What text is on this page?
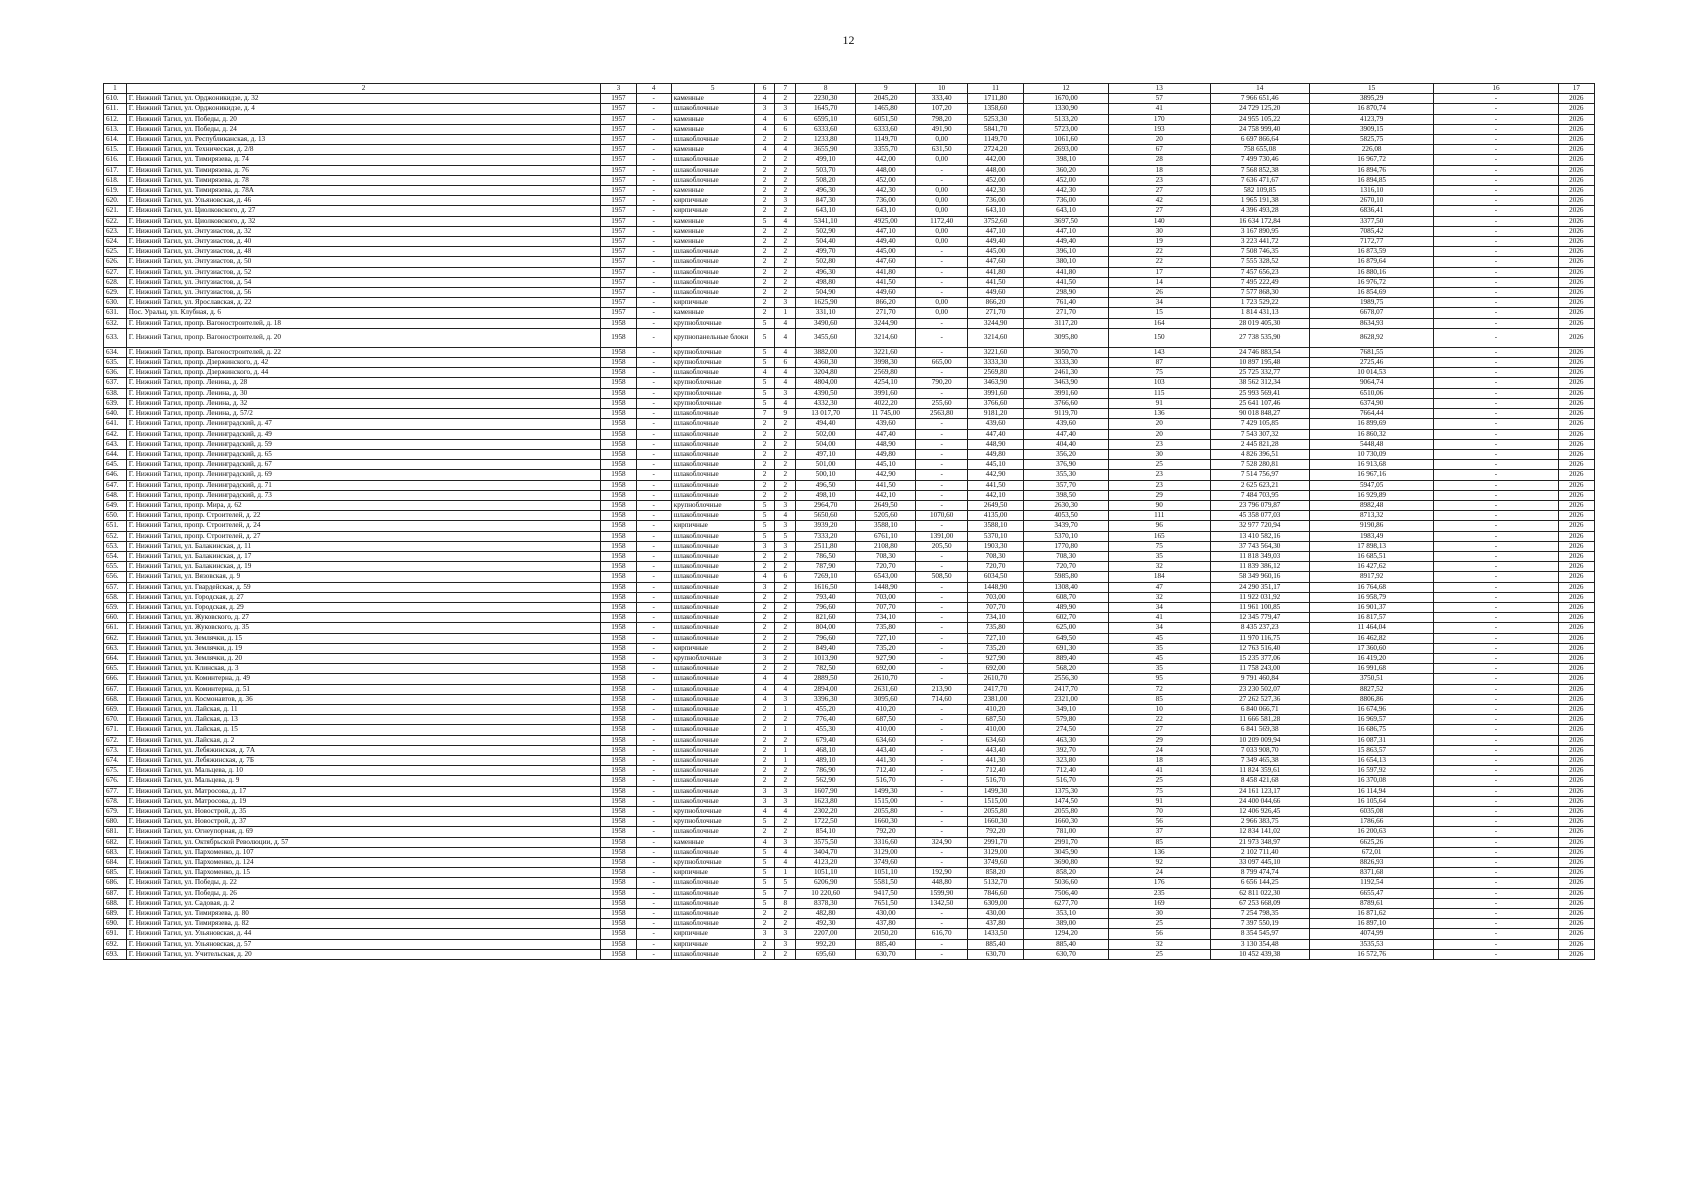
12
1	2	3	4	5	6	7	8	9	10	11	12	13	14	15	16	17
610.	Г. Нижний Тагил, ул. Орджоникидзе, д. 32	1957	-	каменные	4	2	2230,30	2045,20	333,40	1711,80	1670,00	57	7 966 651,46	3895,29	-	2026
611.	Г. Нижний Тагил, ул. Орджоникидзе, д. 4	1957	-	шлакоблочные	3	3	1645,70	1465,80	107,20	1358,60	1330,90	41	24 729 125,20	16 870,74	-	2026
612.	Г. Нижний Тагил, ул. Победы, д. 20	1957	-	каменные	4	6	6595,10	6051,50	798,20	5253,30	5133,20	170	24 955 105,22	4123,79	-	2026
613.	Г. Нижний Тагил, ул. Победы, д. 24	1957	-	каменные	4	6	6333,60	6333,60	491,90	5841,70	5723,00	193	24 758 999,40	3909,15	-	2026
614.	Г. Нижний Тагил, ул. Республиканская, д. 13	1957	-	шлакоблочные	2	2	1233,80	1149,70	0,00	1149,70	1061,60	20	6 697 866,64	5825,75	-	2026
615.	Г. Нижний Тагил, ул. Техническая, д. 2/8	1957	-	каменные	4	4	3655,90	3355,70	631,50	2724,20	2693,00	67	758 655,08	226,08	-	2026
616.	Г. Нижний Тагил, ул. Тимирязева, д. 74	1957	-	шлакоблочные	2	2	499,10	442,00	0,00	442,00	398,10	28	7 499 730,46	16 967,72	-	2026
617.	Г. Нижний Тагил, ул. Тимирязева, д. 76	1957	-	шлакоблочные	2	2	503,70	448,00	-	448,00	360,20	18	7 568 852,38	16 894,76	-	2026
618.	Г. Нижний Тагил, ул. Тимирязева, д. 78	1957	-	шлакоблочные	2	2	508,20	452,00	-	452,00	452,00	23	7 636 471,67	16 894,85	-	2026
619.	Г. Нижний Тагил, ул. Тимирязева, д. 78А	1957	-	каменные	2	2	496,30	442,30	0,00	442,30	442,30	27	582 109,85	1316,10	-	2026
620.	Г. Нижний Тагил, ул. Ульяновская, д. 46	1957	-	кирпичные	2	3	847,30	736,00	0,00	736,00	736,00	42	1 965 191,38	2670,10	-	2026
621.	Г. Нижний Тагил, ул. Циолковского, д. 27	1957	-	кирпичные	2	2	643,10	643,10	0,00	643,10	643,10	27	4 396 493,28	6836,41	-	2026
622.	Г. Нижний Тагил, ул. Циолковского, д. 32	1957	-	каменные	5	4	5341,10	4925,00	1172,40	3752,60	3697,50	140	16 634 172,84	3377,50	-	2026
623.	Г. Нижний Тагил, ул. Энтузиастов, д. 32	1957	-	каменные	2	2	502,90	447,10	0,00	447,10	447,10	30	3 167 890,95	7085,42	-	2026
624.	Г. Нижний Тагил, ул. Энтузиастов, д. 40	1957	-	каменные	2	2	504,40	449,40	0,00	449,40	449,40	19	3 223 441,72	7172,77	-	2026
625.	Г. Нижний Тагил, ул. Энтузиастов, д. 48	1957	-	шлакоблочные	2	2	499,70	445,00	-	445,00	396,10	22	7 508 746,35	16 873,59	-	2026
626.	Г. Нижний Тагил, ул. Энтузиастов, д. 50	1957	-	шлакоблочные	2	2	502,80	447,60	-	447,60	380,10	22	7 555 328,52	16 879,64	-	2026
627.	Г. Нижний Тагил, ул. Энтузиастов, д. 52	1957	-	шлакоблочные	2	2	496,30	441,80	-	441,80	441,80	17	7 457 656,23	16 880,16	-	2026
628.	Г. Нижний Тагил, ул. Энтузиастов, д. 54	1957	-	шлакоблочные	2	2	498,80	441,50	-	441,50	441,50	14	7 495 222,49	16 976,72	-	2026
629.	Г. Нижний Тагил, ул. Энтузиастов, д. 56	1957	-	шлакоблочные	2	2	504,90	449,60	-	449,60	298,90	26	7 577 868,30	16 854,69	-	2026
630.	Г. Нижний Тагил, ул. Ярославская, д. 22	1957	-	кирпичные	2	3	1625,90	866,20	0,00	866,20	761,40	34	1 723 529,22	1989,75	-	2026
631.	Пос. Уральц, ул. Клубная, д. 6	1957	-	каменные	2	1	331,10	271,70	0,00	271,70	271,70	15	1 814 431,13	6678,07	-	2026
632.	Г. Нижний Тагил, пропр. Вагоностроителей, д. 18	1958	-	крупноблочные	5	4	3490,60	3244,90	-	3244,90	3117,20	164	28 019 405,30	8634,93	-	2026
633.	Г. Нижний Тагил, пропр. Вагоностроителей, д. 20	1958	-	крупнопанельные блоки	5	4	3455,60	3214,60	-	3214,60	3095,80	150	27 738 535,90	8628,92	-	2026
634.	Г. Нижний Тагил, пропр. Вагоностроителей, д. 22	1958	-	крупноблочные	5	4	3882,00	3221,60	-	3221,60	3050,70	143	24 746 883,54	7681,55	-	2026
635.	Г. Нижний Тагил, пропр. Дзержинского, д. 42	1958	-	крупноблочные	5	6	4360,30	3998,30	665,00	3333,30	3333,30	87	10 897 195,48	2725,46	-	2026
636.	Г. Нижний Тагил, пропр. Дзержинского, д. 44	1958	-	шлакоблочные	4	4	3204,80	2569,80	-	2569,80	2461,30	75	25 725 332,77	10 014,53	-	2026
637.	Г. Нижний Тагил, пропр. Ленина, д. 28	1958	-	крупноблочные	5	4	4804,00	4254,10	790,20	3463,90	3463,90	103	38 562 312,34	9064,74	-	2026
638.	Г. Нижний Тагил, пропр. Ленина, д. 30	1958	-	крупноблочные	5	3	4390,50	3991,60	-	3991,60	3991,60	115	25 993 569,41	6510,06	-	2026
639.	Г. Нижний Тагил, пропр. Ленина, д. 32	1958	-	крупноблочные	5	4	4332,30	4022,20	255,60	3766,60	3766,60	91	25 641 107,46	6374,90	-	2026
640.	Г. Нижний Тагил, пропр. Ленина, д. 57/2	1958	-	шлакоблочные	7	9	13 017,70	11 745,00	2563,80	9181,20	9119,70	136	90 018 848,27	7664,44	-	2026
641.	Г. Нижний Тагил, пропр. Ленинградский, д. 47	1958	-	шлакоблочные	2	2	494,40	439,60	-	439,60	439,60	20	7 429 105,85	16 899,69	-	2026
642.	Г. Нижний Тагил, пропр. Ленинградский, д. 49	1958	-	шлакоблочные	2	2	502,00	447,40	-	447,40	447,40	20	7 543 307,32	16 860,32	-	2026
643.	Г. Нижний Тагил, пропр. Ленинградский, д. 59	1958	-	шлакоблочные	2	2	504,00	448,90	-	448,90	404,40	23	2 445 821,28	5448,48	-	2026
644.	Г. Нижний Тагил, пропр. Ленинградский, д. 65	1958	-	шлакоблочные	2	2	497,10	449,80	-	449,80	356,20	30	4 826 396,51	10 730,09	-	2026
645.	Г. Нижний Тагил, пропр. Ленинградский, д. 67	1958	-	шлакоблочные	2	2	501,00	445,10	-	445,10	376,90	25	7 528 280,81	16 913,68	-	2026
646.	Г. Нижний Тагил, пропр. Ленинградский, д. 69	1958	-	шлакоблочные	2	2	500,10	442,90	-	442,90	355,30	23	7 514 756,97	16 967,16	-	2026
647.	Г. Нижний Тагил, пропр. Ленинградский, д. 71	1958	-	шлакоблочные	2	2	496,50	441,50	-	441,50	357,70	23	2 625 623,21	5947,05	-	2026
648.	Г. Нижний Тагил, пропр. Ленинградский, д. 73	1958	-	шлакоблочные	2	2	498,10	442,10	-	442,10	398,50	29	7 484 703,95	16 929,89	-	2026
649.	Г. Нижний Тагил, пропр. Мира, д. 62	1958	-	крупноблочные	5	3	2964,70	2649,50	-	2649,50	2630,30	90	23 796 079,87	8982,48	-	2026
650.	Г. Нижний Тагил, пропр. Строителей, д. 22	1958	-	шлакоблочные	5	4	5650,60	5205,60	1070,60	4135,00	4053,50	111	45 358 077,03	8713,32	-	2026
651.	Г. Нижний Тагил, пропр. Строителей, д. 24	1958	-	кирпичные	5	3	3939,20	3588,10	-	3588,10	3439,70	96	32 977 720,94	9190,86	-	2026
652.	Г. Нижний Тагил, пропр. Строителей, д. 27	1958	-	шлакоблочные	5	5	7333,20	6761,10	1391,00	5370,10	5370,10	165	13 410 582,16	1983,49	-	2026
653.	Г. Нижний Тагил, ул. Балакинская, д. 11	1958	-	шлакоблочные	3	3	2511,80	2108,80	205,50	1903,30	1770,80	75	37 743 564,30	17 898,13	-	2026
654.	Г. Нижний Тагил, ул. Балакинская, д. 17	1958	-	шлакоблочные	2	2	786,50	708,30	-	708,30	708,30	35	11 818 349,03	16 685,51	-	2026
655.	Г. Нижний Тагил, ул. Балакинская, д. 19	1958	-	шлакоблочные	2	2	787,90	720,70	-	720,70	720,70	32	11 839 386,12	16 427,62	-	2026
656.	Г. Нижний Тагил, ул. Вязовская, д. 9	1958	-	шлакоблочные	4	6	7269,10	6543,00	508,50	6034,50	5985,80	184	58 349 960,16	8917,92	-	2026
657.	Г. Нижний Тагил, ул. Гвардейская, д. 59	1958	-	шлакоблочные	3	2	1616,50	1448,90	-	1448,90	1308,40	47	24 290 351,17	16 764,68	-	2026
658.	Г. Нижний Тагил, ул. Городская, д. 27	1958	-	шлакоблочные	2	2	793,40	703,00	-	703,00	608,70	32	11 922 031,92	16 958,79	-	2026
659.	Г. Нижний Тагил, ул. Городская, д. 29	1958	-	шлакоблочные	2	2	796,60	707,70	-	707,70	489,90	34	11 961 100,85	16 901,37	-	2026
660.	Г. Нижний Тагил, ул. Жуковского, д. 27	1958	-	шлакоблочные	2	2	821,60	734,10	-	734,10	602,70	41	12 345 779,47	16 817,57	-	2026
661.	Г. Нижний Тагил, ул. Жуковского, д. 35	1958	-	шлакоблочные	2	2	804,00	735,80	-	735,80	625,00	34	8 435 237,23	11 464,04	-	2026
662.	Г. Нижний Тагил, ул. Землячки, д. 15	1958	-	шлакоблочные	2	2	796,60	727,10	-	727,10	649,50	45	11 970 116,75	16 462,82	-	2026
663.	Г. Нижний Тагил, ул. Землячки, д. 19	1958	-	кирпичные	2	2	849,40	735,20	-	735,20	691,30	35	12 763 516,40	17 360,60	-	2026
664.	Г. Нижний Тагил, ул. Землячки, д. 20	1958	-	крупноблочные	3	2	1013,90	927,90	-	927,90	889,40	45	15 235 377,06	16 419,20	-	2026
665.	Г. Нижний Тагил, ул. Клинская, д. 3	1958	-	шлакоблочные	2	2	782,50	692,00	-	692,00	568,20	35	11 758 243,00	16 991,68	-	2026
666.	Г. Нижний Тагил, ул. Коминтерна, д. 49	1958	-	шлакоблочные	4	4	2889,50	2610,70	-	2610,70	2556,30	95	9 791 460,84	3750,51	-	2026
667.	Г. Нижний Тагил, ул. Коминтерна, д. 51	1958	-	шлакоблочные	4	4	2894,00	2631,60	213,90	2417,70	2417,70	72	23 230 502,07	8827,52	-	2026
668.	Г. Нижний Тагил, ул. Космонавтов, д. 36	1958	-	шлакоблочные	4	3	3396,30	3095,60	714,60	2381,00	2321,00	85	27 262 527,36	8806,86	-	2026
669.	Г. Нижний Тагил, ул. Лайская, д. 11	1958	-	шлакоблочные	2	1	455,20	410,20	-	410,20	349,10	10	6 840 066,71	16 674,96	-	2026
670.	Г. Нижний Тагил, ул. Лайская, д. 13	1958	-	шлакоблочные	2	2	776,40	687,50	-	687,50	579,80	22	11 666 581,28	16 969,57	-	2026
671.	Г. Нижний Тагил, ул. Лайская, д. 15	1958	-	шлакоблочные	2	1	455,30	410,00	-	410,00	274,50	27	6 841 569,38	16 686,75	-	2026
672.	Г. Нижний Тагил, ул. Лайская, д. 2	1958	-	шлакоблочные	2	2	679,40	634,60	-	634,60	463,30	29	10 209 009,94	16 087,31	-	2026
673.	Г. Нижний Тагил, ул. Лебяжинская, д. 7А	1958	-	шлакоблочные	2	1	468,10	443,40	-	443,40	392,70	24	7 033 908,70	15 863,57	-	2026
674.	Г. Нижний Тагил, ул. Лебяжинская, д. 7Б	1958	-	шлакоблочные	2	1	489,10	441,30	-	441,30	323,80	18	7 349 465,38	16 654,13	-	2026
675.	Г. Нижний Тагил, ул. Мальцева, д. 10	1958	-	шлакоблочные	2	2	786,90	712,40	-	712,40	712,40	41	11 824 359,61	16 597,92	-	2026
676.	Г. Нижний Тагил, ул. Мальцева, д. 9	1958	-	шлакоблочные	2	2	562,90	516,70	-	516,70	516,70	25	8 458 421,68	16 370,08	-	2026
677.	Г. Нижний Тагил, ул. Матросова, д. 17	1958	-	шлакоблочные	3	3	1607,90	1499,30	-	1499,30	1375,30	75	24 161 123,17	16 114,94	-	2026
678.	Г. Нижний Тагил, ул. Матросова, д. 19	1958	-	шлакоблочные	3	3	1623,80	1515,00	-	1515,00	1474,50	91	24 400 044,66	16 105,64	-	2026
679.	Г. Нижний Тагил, ул. Новострой, д. 35	1958	-	крупноблочные	4	4	2302,20	2055,80	-	2055,80	2055,80	70	12 406 926,45	6035,08	-	2026
680.	Г. Нижний Тагил, ул. Новострой, д. 37	1958	-	крупноблочные	5	2	1722,50	1660,30	-	1660,30	1660,30	56	2 966 383,75	1786,66	-	2026
681.	Г. Нижний Тагил, ул. Огнеупорная, д. 69	1958	-	шлакоблочные	2	2	854,10	792,20	-	792,20	781,00	37	12 834 141,02	16 200,63	-	2026
682.	Г. Нижний Тагил, ул. Октябрьской Революции, д. 57	1958	-	каменные	4	3	3575,50	3316,60	324,90	2991,70	2991,70	85	21 973 348,97	6625,26	-	2026
683.	Г. Нижний Тагил, ул. Пархоменко, д. 107	1958	-	шлакоблочные	5	4	3404,70	3129,00	-	3129,00	3045,90	136	2 102 711,40	672,01	-	2026
684.	Г. Нижний Тагил, ул. Пархоменко, д. 124	1958	-	крупноблочные	5	4	4123,20	3749,60	-	3749,60	3690,80	92	33 097 445,10	8826,93	-	2026
685.	Г. Нижний Тагил, ул. Пархоменко, д. 15	1958	-	кирпичные	5	1	1051,10	1051,10	192,90	858,20	858,20	24	8 799 474,74	8371,68	-	2026
686.	Г. Нижний Тагил, ул. Победы, д. 22	1958	-	шлакоблочные	5	5	6206,90	5581,50	448,80	5132,70	5036,60	176	6 656 144,25	1192,54	-	2026
687.	Г. Нижний Тагил, ул. Победы, д. 26	1958	-	шлакоблочные	5	7	10 220,60	9417,50	1599,90	7846,60	7506,40	235	62 811 022,30	6655,47	-	2026
688.	Г. Нижний Тагил, ул. Садовая, д. 2	1958	-	шлакоблочные	5	8	8378,30	7651,50	1342,50	6309,00	6277,70	169	67 253 668,09	8789,61	-	2026
689.	Г. Нижний Тагил, ул. Тимирязева, д. 80	1958	-	шлакоблочные	2	2	482,80	430,00	-	430,00	353,10	30	7 254 798,35	16 871,62	-	2026
690.	Г. Нижний Тагил, ул. Тимирязева, д. 82	1958	-	шлакоблочные	2	2	492,30	437,80	-	437,80	389,00	25	7 397 550,19	16 897,10	-	2026
691.	Г. Нижний Тагил, ул. Ульяновская, д. 44	1958	-	кирпичные	3	3	2207,00	2050,20	616,70	1433,50	1294,20	56	8 354 545,97	4074,99	-	2026
692.	Г. Нижний Тагил, ул. Ульяновская, д. 57	1958	-	кирпичные	2	3	992,20	885,40	-	885,40	885,40	32	3 130 354,48	3535,53	-	2026
693.	Г. Нижний Тагил, ул. Учительская, д. 20	1958	-	шлакоблочные	2	2	695,60	630,70	-	630,70	630,70	25	10 452 439,38	16 572,76	-	2026
